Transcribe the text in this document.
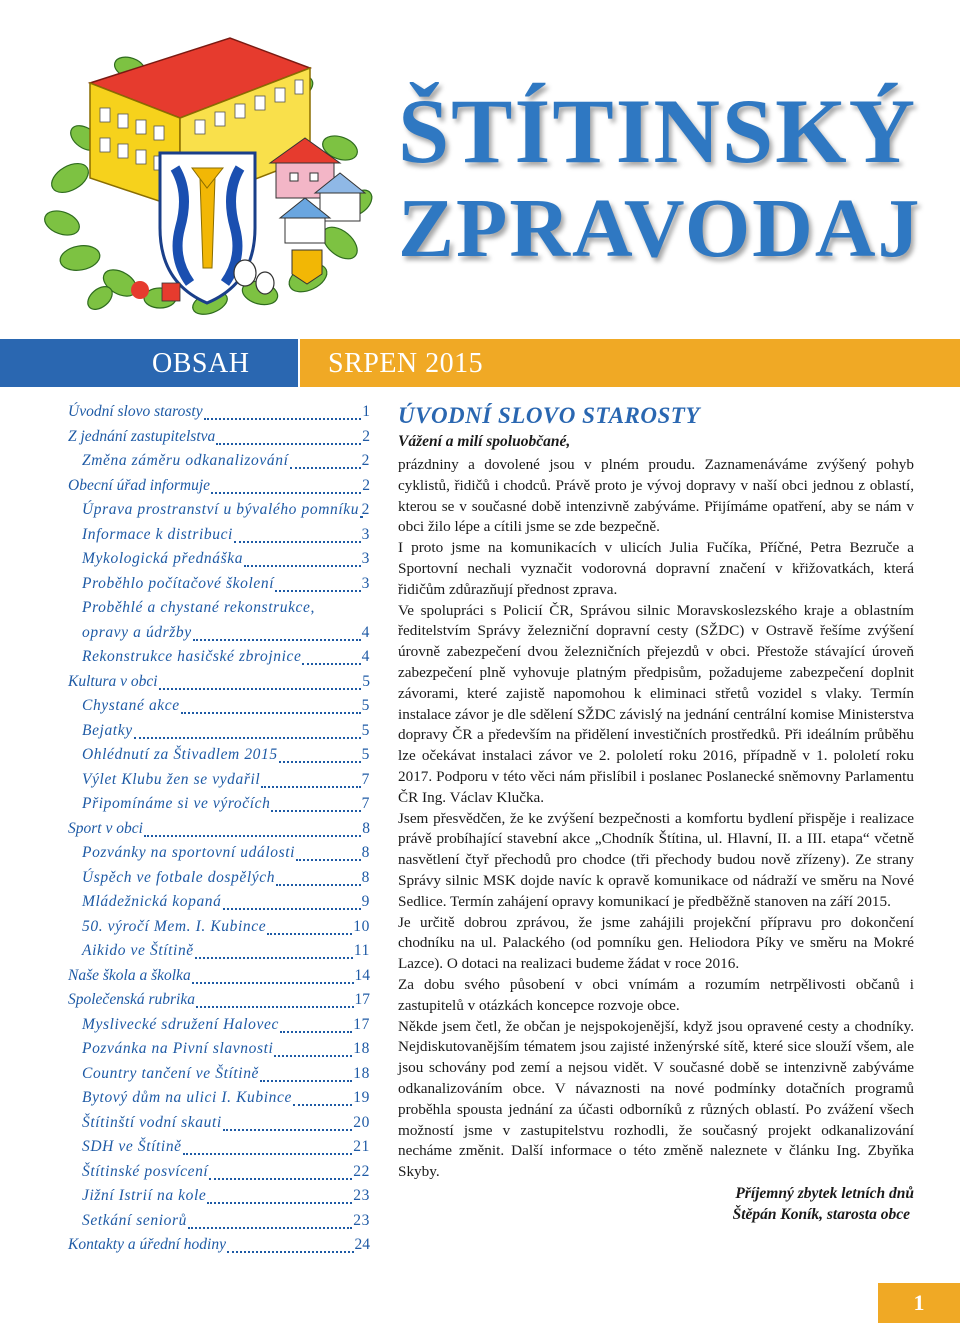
ŠTÍTINSKÝ
ZPRAVODAJ
OBSAH	SRPEN 2015
Úvodní slovo starosty	1
Z jednání zastupitelstva	2
Změna záměru odkanalizování	2
Obecní úřad informuje	2
Úprava prostranství u bývalého pomníku 2
Informace k distribuci	3
Mykologická přednáška	3
Proběhlo počítačové školení	3
Proběhlé a chystané rekonstrukce,
opravy a údržby	4
Rekonstrukce hasičské zbrojnice	4
Kultura v obci	5
Chystané akce	5
Bejatky	5
Ohlédnutí za Štivadlem 2015	5
Výlet Klubu žen se vydařil	7
Připomínáme si ve výročích	7
Sport v obci	8
Pozvánky na sportovní události	8
Úspěch ve fotbale dospělých	8
Mládežnická kopaná	9
50. výročí Mem. I. Kubince	10
Aikido ve Štítině	11
Naše škola a školka	14
Společenská rubrika	17
Myslivecké sdružení Halovec	17
Pozvánka na Pivní slavnosti	18
Country tančení ve Štítině	18
Bytový dům na ulici I. Kubince	19
Štítinští vodní skauti	20
SDH ve Štítině	21
Štítinské posvícení	22
Jižní Istrií na kole	23
Setkání seniorů	23
Kontakty a úřední hodiny	24
ÚVODNÍ SLOVO STAROSTY
Vážení a milí spoluobčané,

prázdniny a dovolené jsou v plném proudu. Zaznamenáváme zvýšený pohyb cyklistů, řidičů i chodců. Právě proto je vývoj dopravy v naší obci jednou z oblastí, kterou se v současné době intenzivně zabýváme. Přijímáme opatření, aby se nám v obci žilo lépe a cítili jsme se zde bezpečně.

I proto jsme na komunikacích v ulicích Julia Fučíka, Příčné, Petra Bezruče a Sportovní nechali vyznačit vodorovná dopravní značení v křižovatkách, která řidičům zdůrazňují přednost zprava.

Ve spolupráci s Policií ČR, Správou silnic Moravskoslezského kraje a oblastním ředitelstvím Správy železniční dopravní cesty (SŽDC) v Ostravě řešíme zvýšení úrovně zabezpečení dvou železničních přejezdů v obci. Přestože stávající úroveň zabezpečení plně vyhovuje platným předpisům, požadujeme zabezpečení doplnit závorami, které zajistě napomohou k eliminaci střetů vozidel s vlaky. Termín instalace závor je dle sdělení SŽDC závislý na jednání centrální komise Ministerstva dopravy ČR a především na přidělení investičních prostředků. Při ideálním průběhu lze očekávat instalaci závor ve 2. pololetí roku 2016, případně v 1. pololetí roku 2017. Podporu v této věci nám přislíbil i poslanec Poslanecké sněmovny Parlamentu ČR Ing. Václav Klučka.

Jsem přesvědčen, že ke zvýšení bezpečnosti a komfortu bydlení přispěje i realizace právě probíhající stavební akce „Chodník Štítina, ul. Hlavní, II. a III. etapa“ včetně nasvětlení čtyř přechodů pro chodce (tři přechody budou nově zřízeny). Ze strany Správy silnic MSK dojde navíc k opravě komunikace od nádraží ve směru na Nové Sedlice. Termín zahájení opravy komunikací je předběžně stanoven na září 2015.

Je určitě dobrou zprávou, že jsme zahájili projekční přípravu pro dokončení chodníku na ul. Palackého (od pomníku gen. Heliodora Píky ve směru na Mokré Lazce). O dotaci na realizaci budeme žádat v roce 2016.

Za dobu svého působení v obci vnímám a rozumím netrpělivosti občanů i zastupitelů v otázkách koncepce rozvoje obce.

Někde jsem četl, že občan je nejspokojenější, když jsou opravené cesty a chodníky. Nejdiskutovanějším tématem jsou zajisté inženýrské sítě, které sice slouží všem, ale jsou schovány pod zemí a nejsou vidět. V současné době se intenzivně zabýváme odkanalizováním obce. V návaznosti na nové podmínky dotačních programů proběhla spousta jednání za účasti odborníků z různých oblastí. Po zvážení všech možností jsme v zastupitelstvu rozhodli, že současný projekt odkanalizování necháme změnit. Další informace o této změně naleznete v článku Ing. Zbyňka Skyby.

Příjemný zbytek letních dnů
Štěpán Koník, starosta obce
1
